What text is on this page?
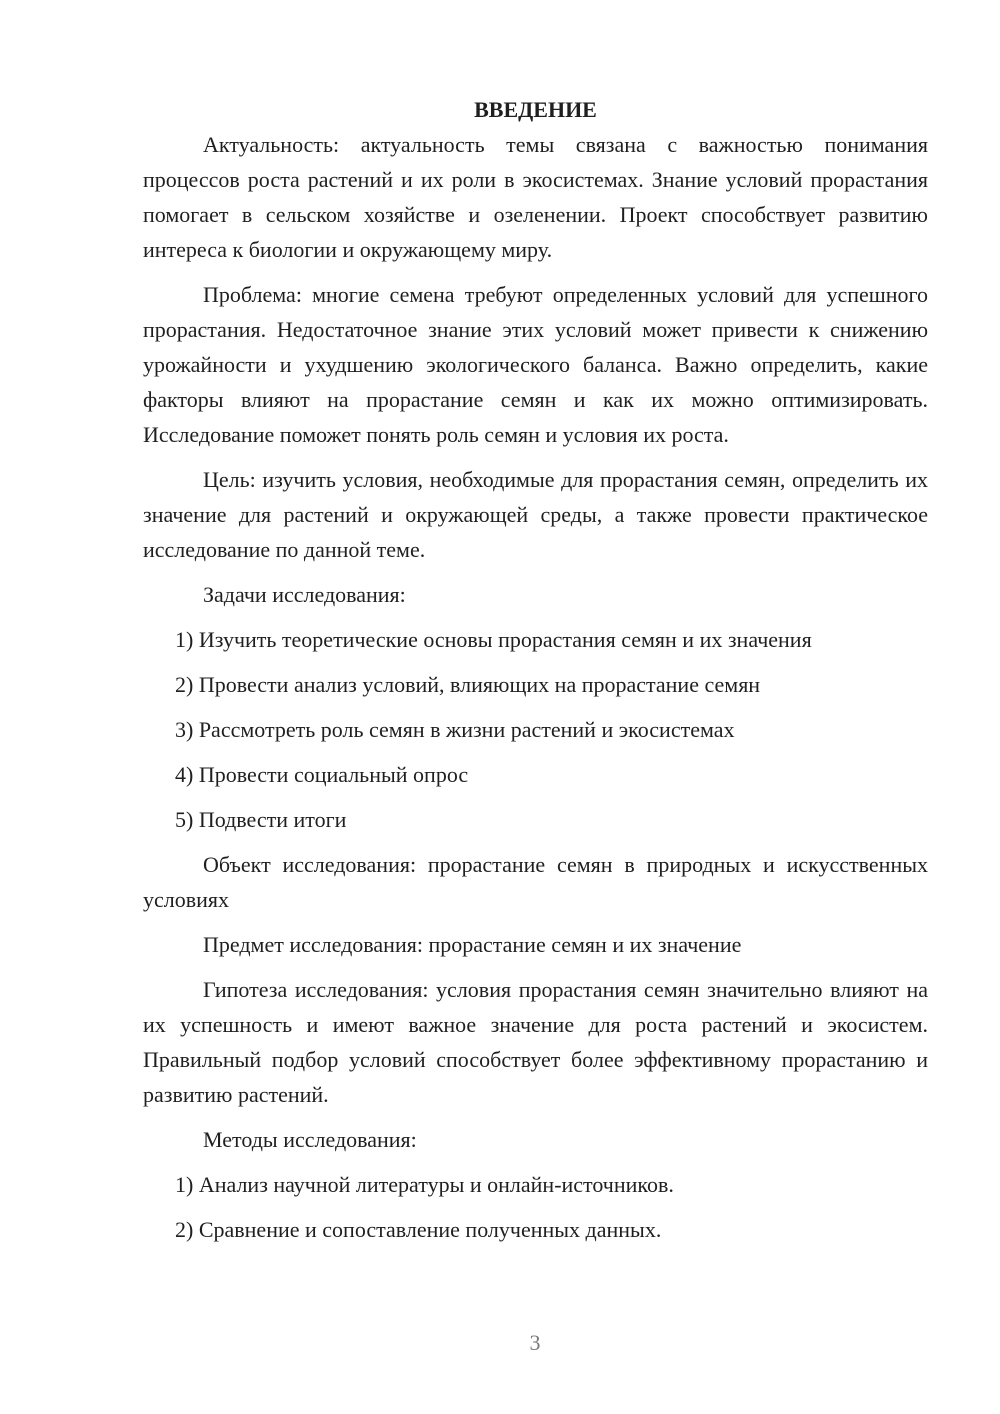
ВВЕДЕНИЕ

Актуальность: актуальность темы связана с важностью понимания процессов роста растений и их роли в экосистемах. Знание условий прорастания помогает в сельском хозяйстве и озеленении. Проект способствует развитию интереса к биологии и окружающему миру.

Проблема: многие семена требуют определенных условий для успешного прорастания. Недостаточное знание этих условий может привести к снижению урожайности и ухудшению экологического баланса. Важно определить, какие факторы влияют на прорастание семян и как их можно оптимизировать. Исследование поможет понять роль семян и условия их роста.

Цель: изучить условия, необходимые для прорастания семян, определить их значение для растений и окружающей среды, а также провести практическое исследование по данной теме.

Задачи исследования:

1) Изучить теоретические основы прорастания семян и их значения

2) Провести анализ условий, влияющих на прорастание семян

3) Рассмотреть роль семян в жизни растений и экосистемах

4) Провести социальный опрос

5) Подвести итоги

Объект исследования: прорастание семян в природных и искусственных условиях

Предмет исследования: прорастание семян и их значение

Гипотеза исследования: условия прорастания семян значительно влияют на их успешность и имеют важное значение для роста растений и экосистем. Правильный подбор условий способствует более эффективному прорастанию и развитию растений.

Методы исследования:

1) Анализ научной литературы и онлайн-источников.

2) Сравнение и сопоставление полученных данных.

3
